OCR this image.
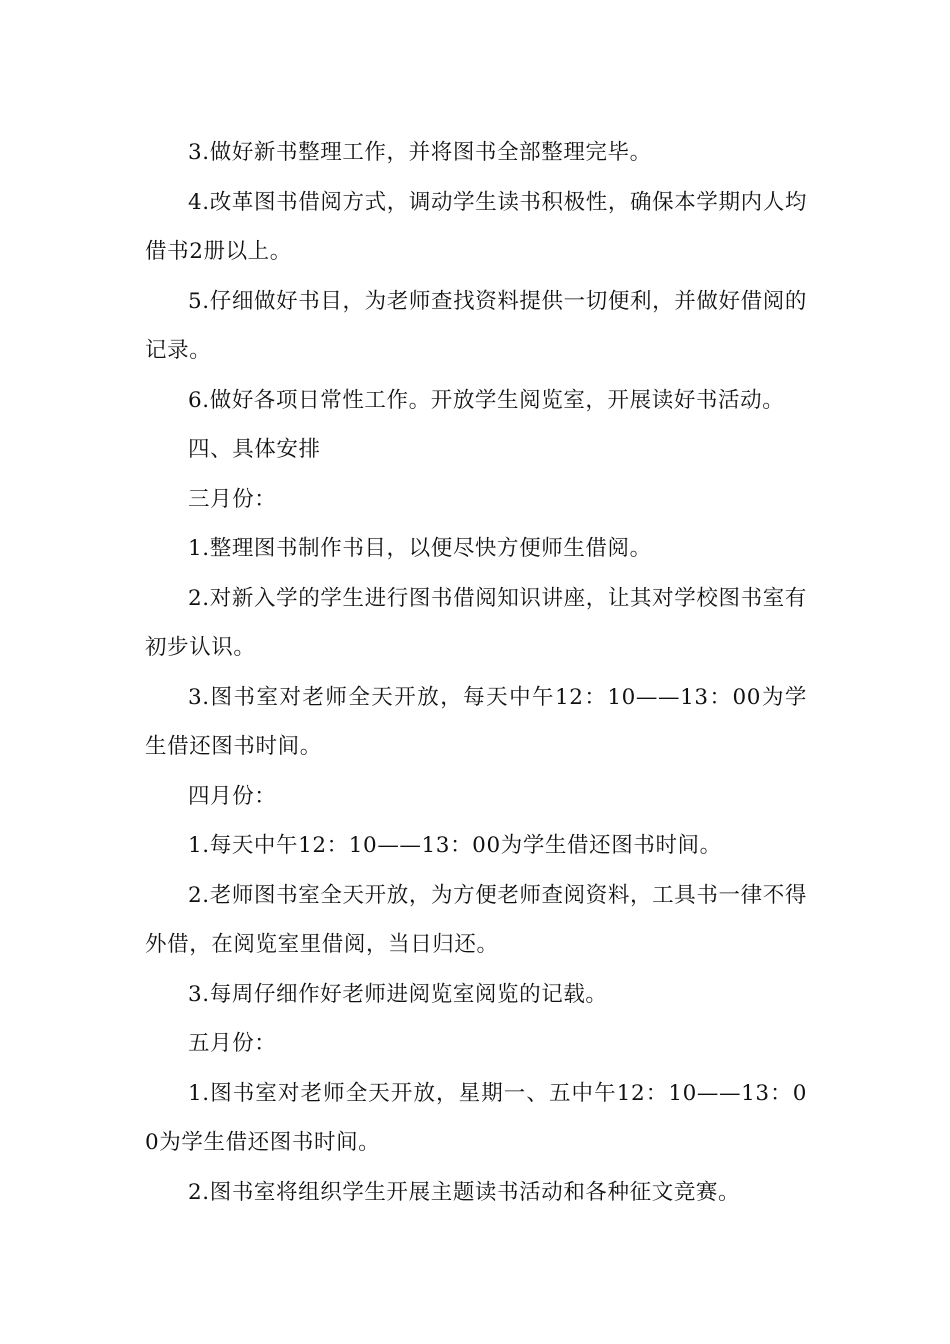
3.做好新书整理工作，并将图书全部整理完毕。

4.改革图书借阅方式，调动学生读书积极性，确保本学期内人均借书2册以上。

5.仔细做好书目，为老师查找资料提供一切便利，并做好借阅的记录。

6.做好各项日常性工作。开放学生阅览室，开展读好书活动。

四、具体安排

三月份：

1.整理图书制作书目，以便尽快方便师生借阅。

2.对新入学的学生进行图书借阅知识讲座，让其对学校图书室有初步认识。

3.图书室对老师全天开放，每天中午12：10——13：00为学生借还图书时间。

四月份：

1.每天中午12：10——13：00为学生借还图书时间。

2.老师图书室全天开放，为方便老师查阅资料，工具书一律不得外借，在阅览室里借阅，当日归还。

3.每周仔细作好老师进阅览室阅览的记载。

五月份：

1.图书室对老师全天开放，星期一、五中午12：10——13：00为学生借还图书时间。

2.图书室将组织学生开展主题读书活动和各种征文竞赛。
